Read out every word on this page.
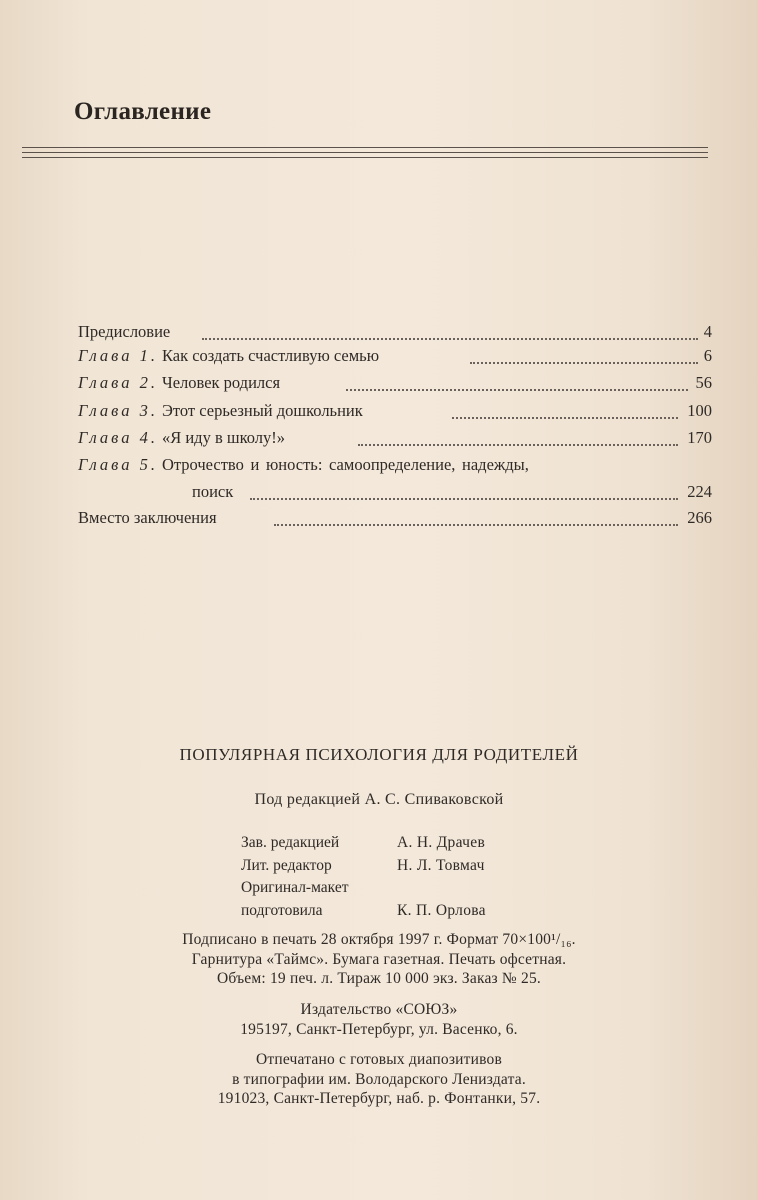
Оглавление
Предисловие	4
Глава 1. Как создать счастливую семью	6
Глава 2. Человек родился	56
Глава 3. Этот серьезный дошкольник	100
Глава 4. «Я иду в школу!»	170
Глава 5. Отрочество и юность: самоопределение, надежды,
поиск	224
Вместо заключения	266
ПОПУЛЯРНАЯ ПСИХОЛОГИЯ ДЛЯ РОДИТЕЛЕЙ
Под редакцией А. С. Спиваковской
Зав. редакцией	А. Н. Драчев
Лит. редактор	Н. Л. Товмач
Оригинал-макет
подготовила	К. П. Орлова
Подписано в печать 28 октября 1997 г. Формат 70×100¹/₁₆.
Гарнитура «Таймс». Бумага газетная. Печать офсетная.
Объем: 19 печ. л. Тираж 10 000 экз. Заказ № 25.
Издательство «СОЮЗ»
195197, Санкт-Петербург, ул. Васенко, 6.
Отпечатано с готовых диапозитивов
в типографии им. Володарского Лениздата.
191023, Санкт-Петербург, наб. р. Фонтанки, 57.
